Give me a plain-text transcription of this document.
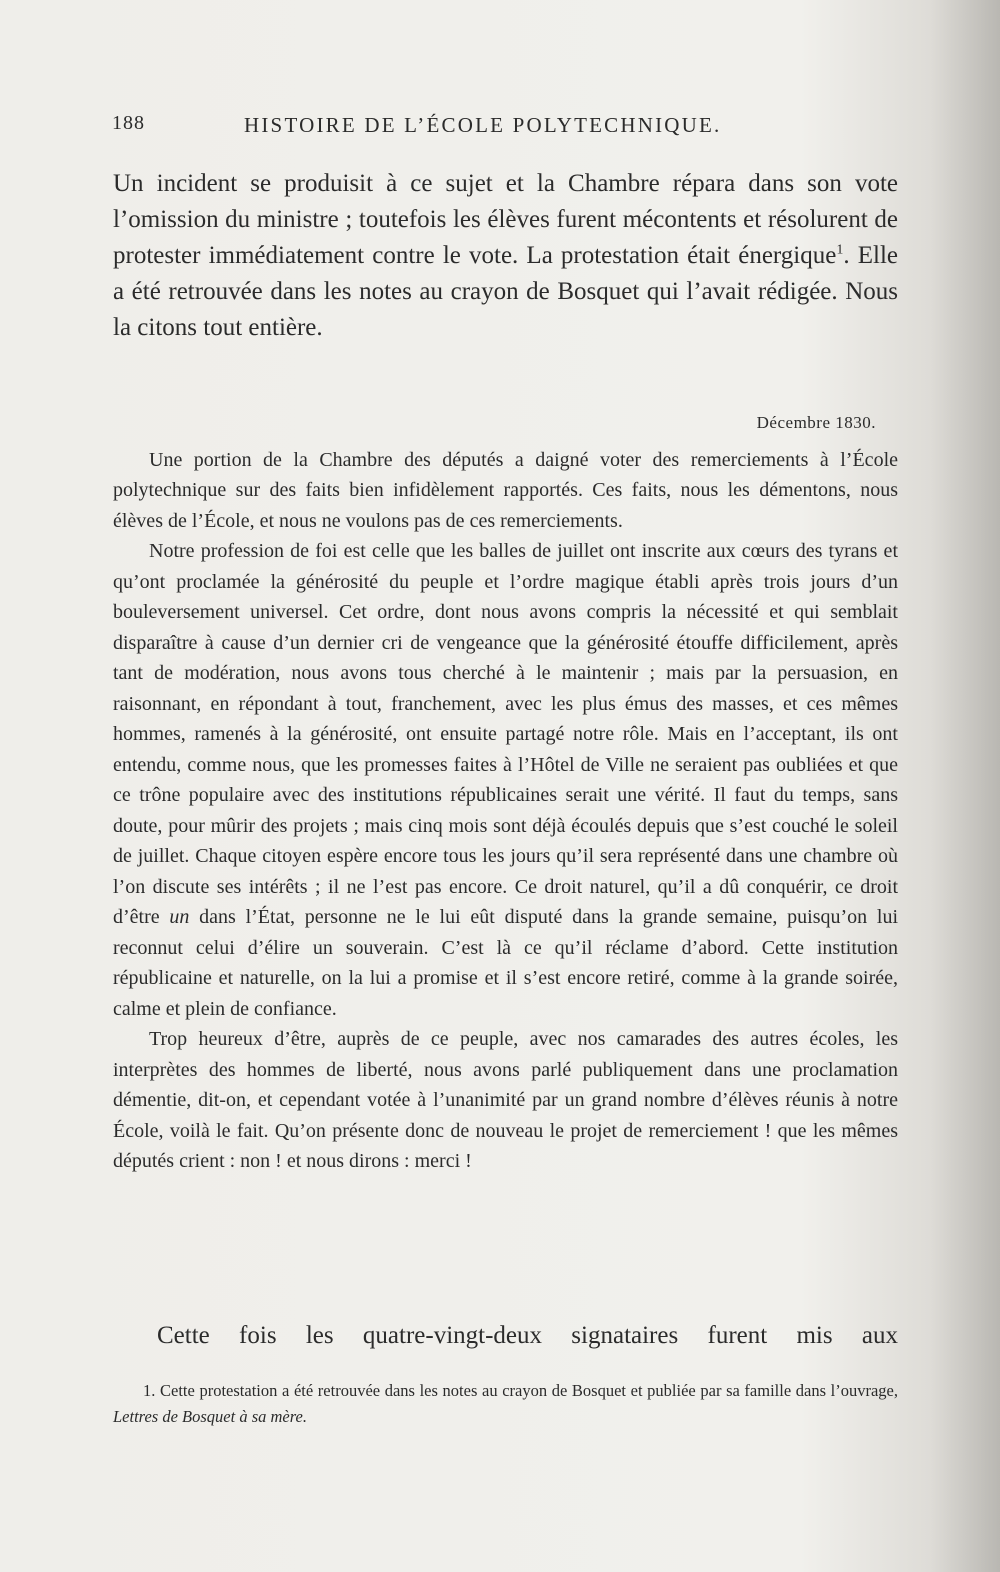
188	HISTOIRE DE L’ÉCOLE POLYTECHNIQUE.

Un incident se produisit à ce sujet et la Chambre répara dans son vote l’omission du ministre ; toutefois les élèves furent mécontents et résolurent de protester immédiatement contre le vote. La protestation était énergique$^1$. Elle a été retrouvée dans les notes au crayon de Bosquet qui l’avait rédigée. Nous la citons tout entière.

Décembre 1830.

Une portion de la Chambre des députés a daigné voter des remerciements à l’École polytechnique sur des faits bien infidèlement rapportés. Ces faits, nous les démentons, nous élèves de l’École, et nous ne voulons pas de ces remerciements.

Notre profession de foi est celle que les balles de juillet ont inscrite aux cœurs des tyrans et qu’ont proclamée la générosité du peuple et l’ordre magique établi après trois jours d’un bouleversement universel. Cet ordre, dont nous avons compris la nécessité et qui semblait disparaître à cause d’un dernier cri de vengeance que la générosité étouffe difficilement, après tant de modération, nous avons tous cherché à le maintenir ; mais par la persuasion, en raisonnant, en répondant à tout, franchement, avec les plus émus des masses, et ces mêmes hommes, ramenés à la générosité, ont ensuite partagé notre rôle. Mais en l’acceptant, ils ont entendu, comme nous, que les promesses faites à l’Hôtel de Ville ne seraient pas oubliées et que ce trône populaire avec des institutions républicaines serait une vérité. Il faut du temps, sans doute, pour mûrir des projets ; mais cinq mois sont déjà écoulés depuis que s’est couché le soleil de juillet. Chaque citoyen espère encore tous les jours qu’il sera représenté dans une chambre où l’on discute ses intérêts ; il ne l’est pas encore. Ce droit naturel, qu’il a dû conquérir, ce droit d’être un dans l’État, personne ne le lui eût disputé dans la grande semaine, puisqu’on lui reconnut celui d’élire un souverain. C’est là ce qu’il réclame d’abord. Cette institution républicaine et naturelle, on la lui a promise et il s’est encore retiré, comme à la grande soirée, calme et plein de confiance.

Trop heureux d’être, auprès de ce peuple, avec nos camarades des autres écoles, les interprètes des hommes de liberté, nous avons parlé publiquement dans une proclamation démentie, dit-on, et cependant votée à l’unanimité par un grand nombre d’élèves réunis à notre École, voilà le fait. Qu’on présente donc de nouveau le projet de remerciement ! que les mêmes députés crient : non ! et nous dirons : merci !

Cette fois les quatre-vingt-deux signataires furent mis aux

1. Cette protestation a été retrouvée dans les notes au crayon de Bosquet et publiée par sa famille dans l’ouvrage, Lettres de Bosquet à sa mère.
